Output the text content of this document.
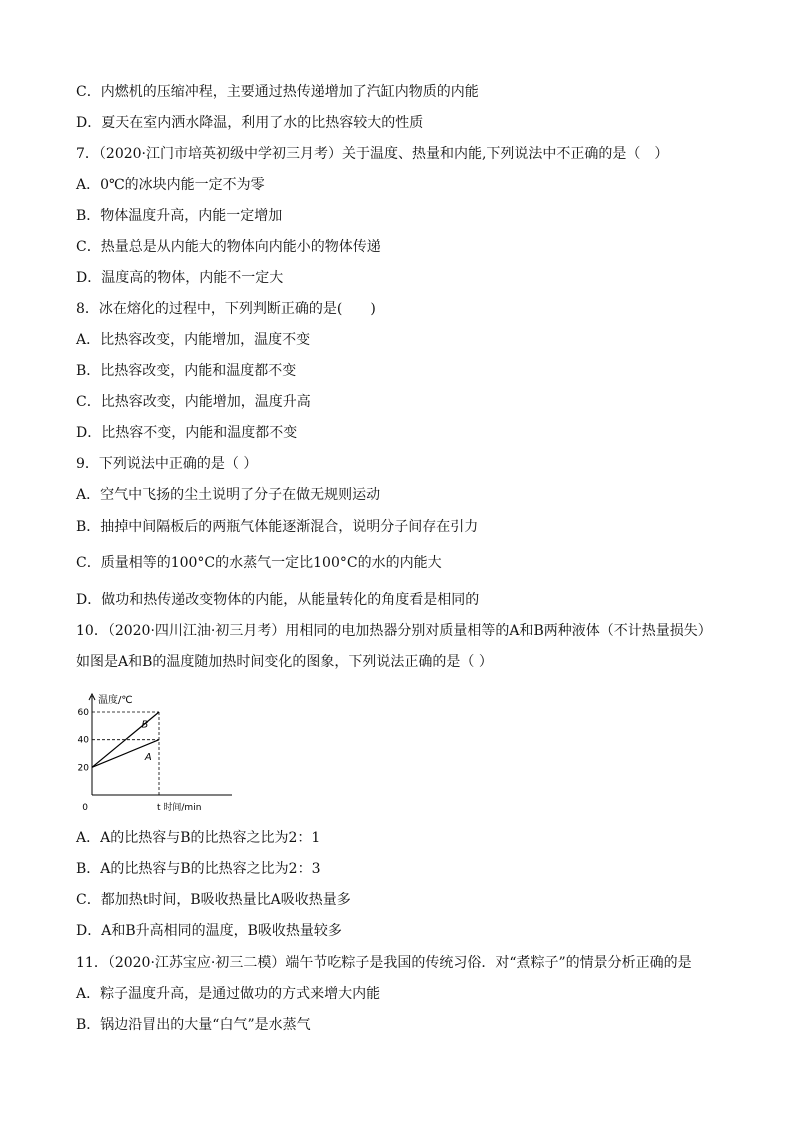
C．内燃机的压缩冲程，主要通过热传递增加了汽缸内物质的内能
D．夏天在室内洒水降温，利用了水的比热容较大的性质
7．（2020·江门市培英初级中学初三月考）关于温度、热量和内能,下列说法中不正确的是（　）
A．0℃的冰块内能一定不为零
B．物体温度升高，内能一定增加
C．热量总是从内能大的物体向内能小的物体传递
D．温度高的物体，内能不一定大
8．冰在熔化的过程中，下列判断正确的是(　　)
A．比热容改变，内能增加，温度不变
B．比热容改变，内能和温度都不变
C．比热容改变，内能增加，温度升高
D．比热容不变，内能和温度都不变
9．下列说法中正确的是（ ）
A．空气中飞扬的尘土说明了分子在做无规则运动
B．抽掉中间隔板后的两瓶气体能逐渐混合，说明分子间存在引力
C．质量相等的100°C的水蒸气一定比100°C的水的内能大
D．做功和热传递改变物体的内能，从能量转化的角度看是相同的
10．（2020·四川江油·初三月考）用相同的电加热器分别对质量相等的A和B两种液体（不计热量损失）
如图是A和B的温度随加热时间变化的图象，下列说法正确的是（ ）
A．A的比热容与B的比热容之比为2：1
B．A的比热容与B的比热容之比为2：3
C．都加热t时间，B吸收热量比A吸收热量多
D．A和B升高相同的温度，B吸收热量较多
11．（2020·江苏宝应·初三二模）端午节吃粽子是我国的传统习俗．对“煮粽子”的情景分析正确的是
A．粽子温度升高，是通过做功的方式来增大内能
B．锅边沿冒出的大量“白气”是水蒸气
20
40
60
0
温度/℃
t 时间/min
B
A
